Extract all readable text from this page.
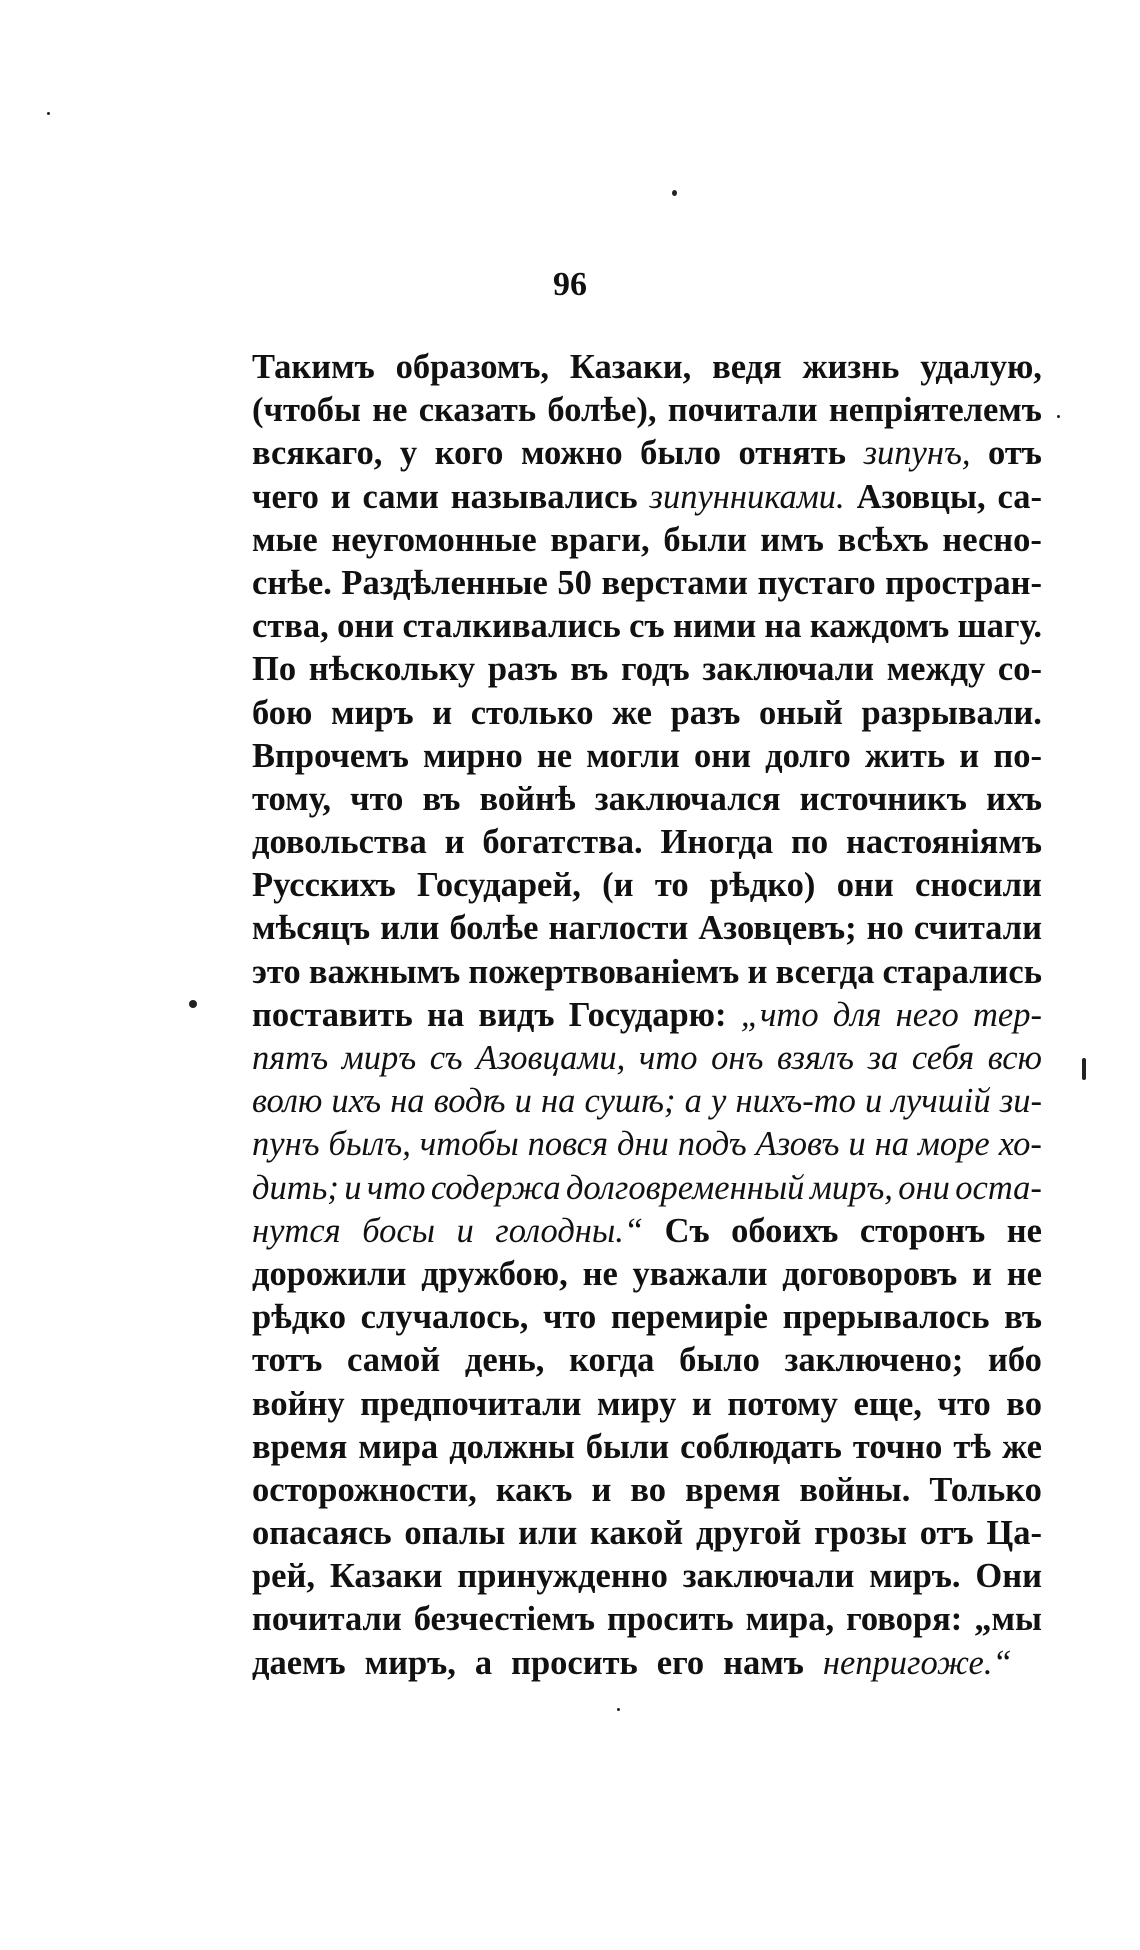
96
Такимъ образомъ, Казаки, ведя жизнь удалую,
(чтобы не сказать болѣе), почитали непріятелемъ
всякаго, у кого можно было отнять зипунъ, отъ
чего и сами назывались зипунниками. Азовцы, са-
мые неугомонные враги, были имъ всѣхъ несно-
снѣе. Раздѣленные 50 верстами пустаго простран-
ства, они сталкивались съ ними на каждомъ шагу.
По нѣскольку разъ въ годъ заключали между со-
бою миръ и столько же разъ оный разрывали.
Впрочемъ мирно не могли они долго жить и по-
тому, что въ войнѣ заключался источникъ ихъ
довольства и богатства. Иногда по настояніямъ
Русскихъ Государей, (и то рѣдко) они сносили
мѣсяцъ или болѣе наглости Азовцевъ; но считали
это важнымъ пожертвованіемъ и всегда старались
поставить на видъ Государю: „что для него тер-
пятъ миръ съ Азовцами, что онъ взялъ за себя всю
волю ихъ на водѣ и на сушѣ; а у нихъ-то и лучшій зи-
пунъ былъ, чтобы повся дни подъ Азовъ и на море хо-
дить; и что содержа долговременный миръ, они оста-
нутся босы и голодны.“ Съ обоихъ сторонъ не
дорожили дружбою, не уважали договоровъ и не
рѣдко случалось, что перемиріе прерывалось въ
тотъ самой день, когда было заключено; ибо
войну предпочитали миру и потому еще, что во
время мира должны были соблюдать точно тѣ же
осторожности, какъ и во время войны. Только
опасаясь опалы или какой другой грозы отъ Ца-
рей, Казаки принужденно заключали миръ. Они
почитали безчестіемъ просить мира, говоря: „мы
даемъ миръ, а просить его намъ непригоже.“
